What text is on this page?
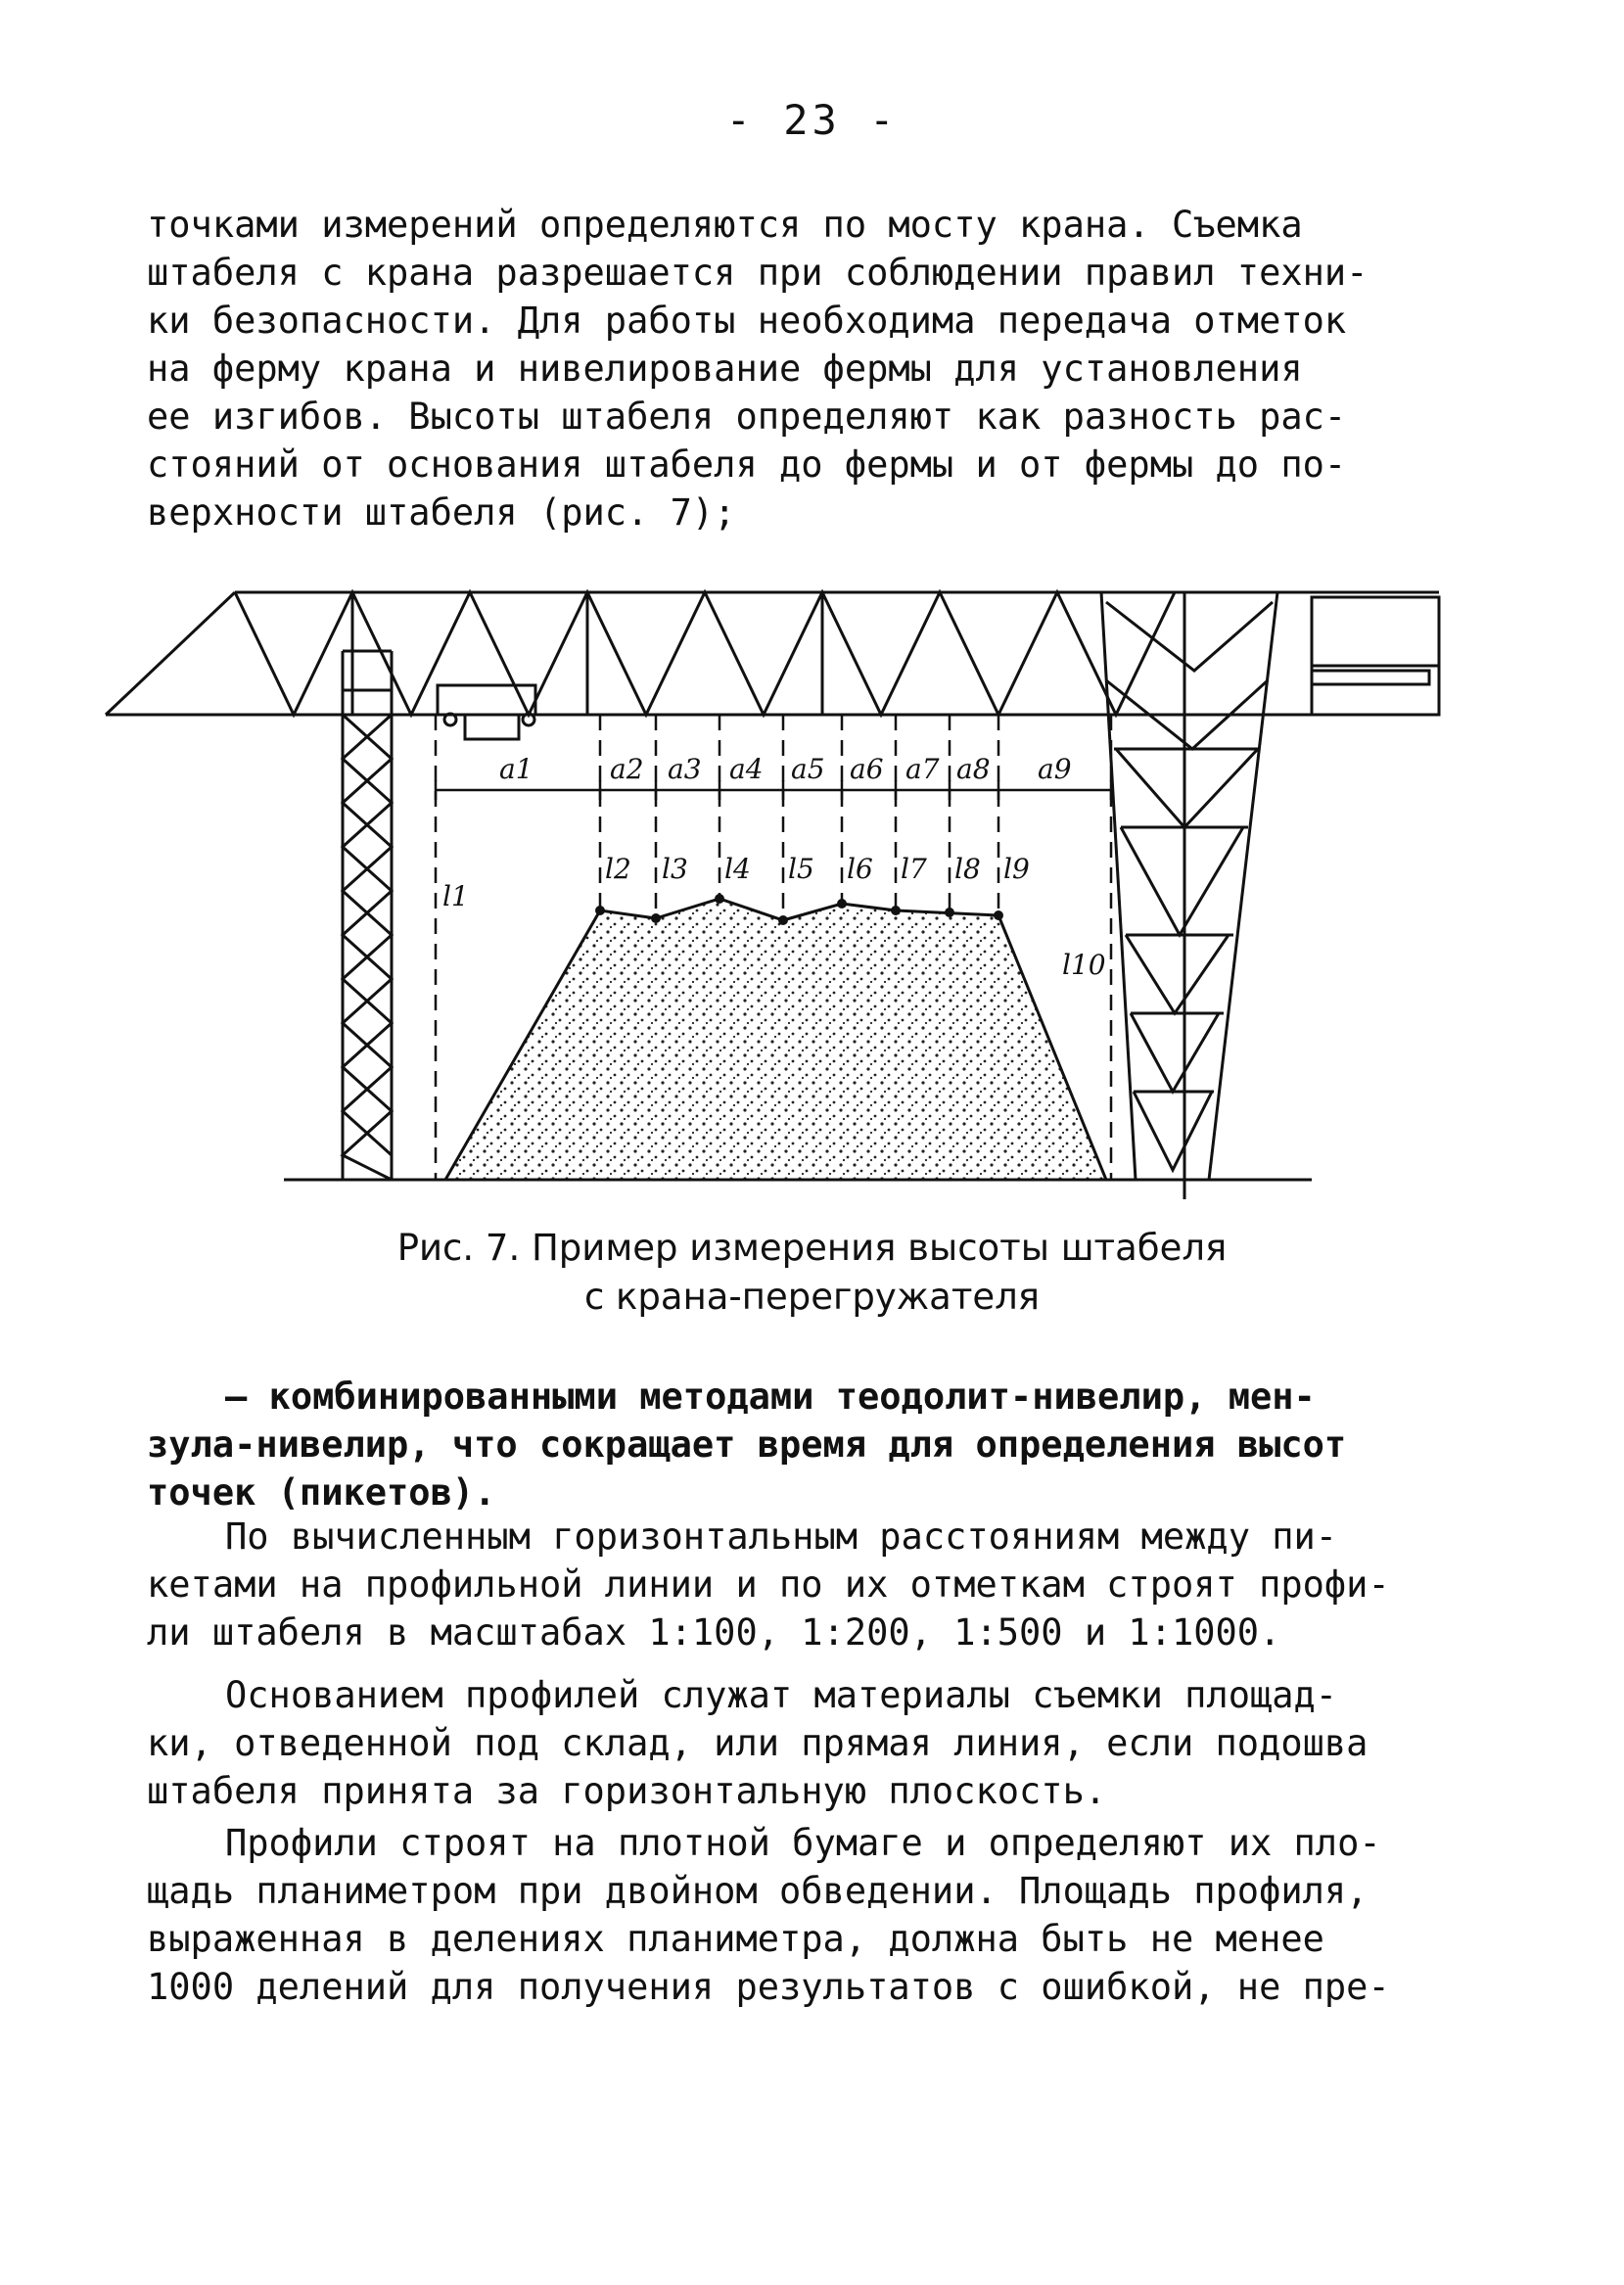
- 23 -

точками измерений определяются по мосту крана. Съемка
штабеля с крана разрешается при соблюдении правил техни-
ки безопасности. Для работы необходима передача отметок
на ферму крана и нивелирование фермы для установления
ее изгибов. Высоты штабеля определяют как разность рас-
стояний от основания штабеля до фермы и от фермы до по-
верхности штабеля (рис. 7);

a1	a2 a3 a4 a5 a6 a7 a8 a9
l1
l2 l3 l4 l5 l6 l7 l8 l9
l10
Рис. 7. Пример измерения высоты штабеля
с крана-перегружателя

– комбинированными методами теодолит-нивелир, мен-
зула-нивелир, что сокращает время для определения высот
точек (пикетов).

По вычисленным горизонтальным расстояниям между пи-
кетами на профильной линии и по их отметкам строят профи-
ли штабеля в масштабах 1:100, 1:200, 1:500 и 1:1000.

Основанием профилей служат материалы съемки площад-
ки, отведенной под склад, или прямая линия, если подошва
штабеля принята за горизонтальную плоскость.

Профили строят на плотной бумаге и определяют их пло-
щадь планиметром при двойном обведении. Площадь профиля,
выраженная в делениях планиметра, должна быть не менее
1000 делений для получения результатов с ошибкой, не пре-
